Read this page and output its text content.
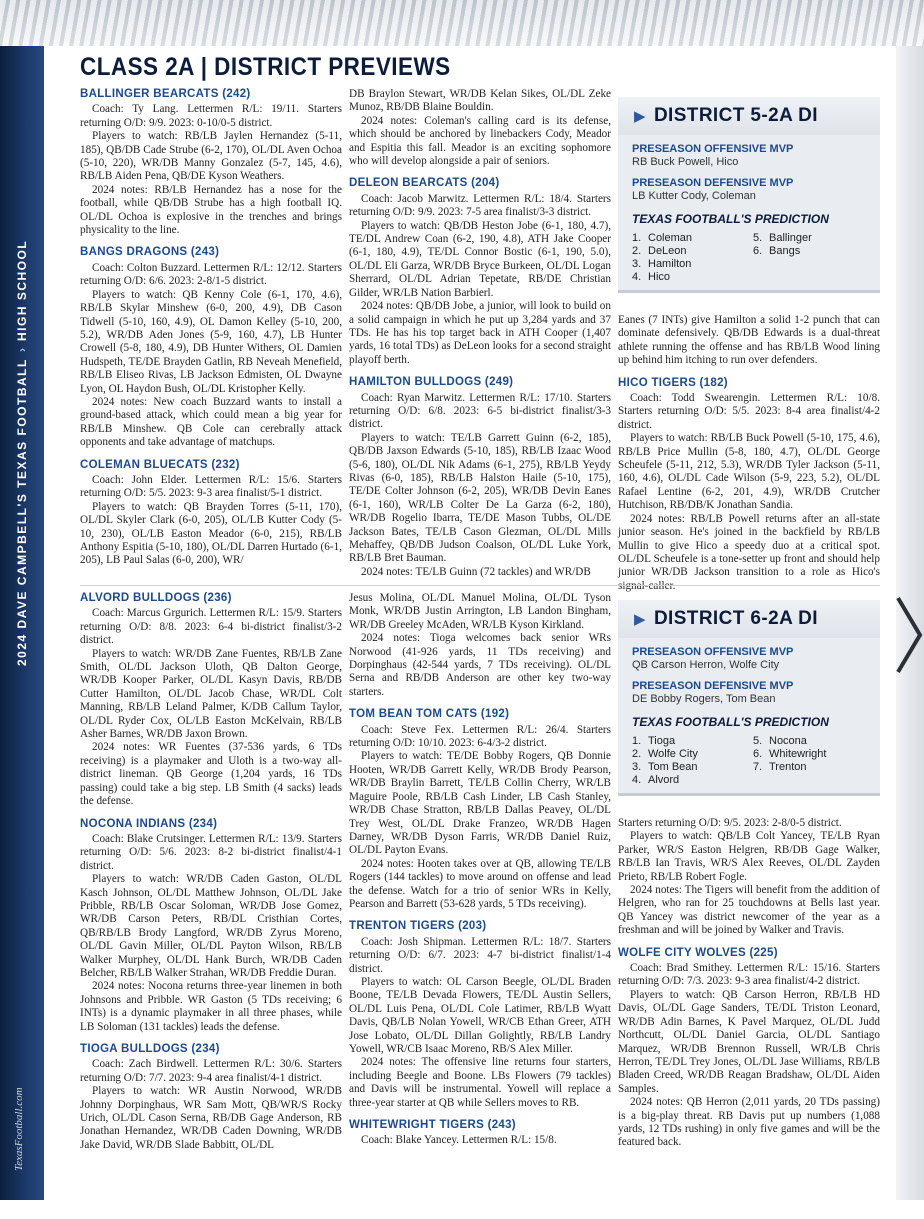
2024 DAVE CAMPBELL'S TEXAS FOOTBALL
›
HIGH SCHOOL
TexasFootball.com
336
CLASS 2A | DISTRICT PREVIEWS
BALLINGER BEARCATS (242)

Coach: Ty Lang. Lettermen R/L: 19/11. Starters returning O/D: 9/9. 2023: 0-10/0-5 district.

Players to watch: RB/LB Jaylen Hernandez (5-11, 185), QB/DB Cade Strube (6-2, 170), OL/DL Aven Ochoa (5-10, 220), WR/DB Manny Gonzalez (5-7, 145, 4.6), RB/LB Aiden Pena, QB/DE Kyson Weathers.

2024 notes: RB/LB Hernandez has a nose for the football, while QB/DB Strube has a high football IQ. OL/DL Ochoa is explosive in the trenches and brings physicality to the line.

BANGS DRAGONS (243)

Coach: Colton Buzzard. Lettermen R/L: 12/12. Starters returning O/D: 6/6. 2023: 2-8/1-5 district.

Players to watch: QB Kenny Cole (6-1, 170, 4.6), RB/LB Skylar Minshew (6-0, 200, 4.9), DB Cason Tidwell (5-10, 160, 4.9), OL Damon Kelley (5-10, 200, 5.2), WR/DB Aden Jones (5-9, 160, 4.7), LB Hunter Crowell (5-8, 180, 4.9), DB Hunter Withers, OL Damien Hudspeth, TE/DE Brayden Gatlin, RB Neveah Menefield, RB/LB Eliseo Rivas, LB Jackson Edmisten, OL Dwayne Lyon, OL Haydon Bush, OL/DL Kristopher Kelly.

2024 notes: New coach Buzzard wants to install a ground-based attack, which could mean a big year for RB/LB Minshew. QB Cole can cerebrally attack opponents and take advantage of matchups.

COLEMAN BLUECATS (232)

Coach: John Elder. Lettermen R/L: 15/6. Starters returning O/D: 5/5. 2023: 9-3 area finalist/5-1 district.

Players to watch: QB Brayden Torres (5-11, 170), OL/DL Skyler Clark (6-0, 205), OL/LB Kutter Cody (5-10, 230), OL/LB Easton Meador (6-0, 215), RB/LB Anthony Espitia (5-10, 180), OL/DL Darren Hurtado (6-1, 205), LB Paul Salas (6-0, 200), WR/

DB Braylon Stewart, WR/DB Kelan Sikes, OL/DL Zeke Munoz, RB/DB Blaine Bouldin.

2024 notes: Coleman's calling card is its defense, which should be anchored by linebackers Cody, Meador and Espitia this fall. Meador is an exciting sophomore who will develop alongside a pair of seniors.

DELEON BEARCATS (204)

Coach: Jacob Marwitz. Lettermen R/L: 18/4. Starters returning O/D: 9/9. 2023: 7-5 area finalist/3-3 district.

Players to watch: QB/DB Heston Jobe (6-1, 180, 4.7), TE/DL Andrew Coan (6-2, 190, 4.8), ATH Jake Cooper (6-1, 180, 4.9), TE/DL Connor Bostic (6-1, 190, 5.0), OL/DL Eli Garza, WR/DB Bryce Burkeen, OL/DL Logan Sherrard, OL/DL Adrian Tepetate, RB/DE Christian Gilder, WR/LB Nation Barbierl.

2024 notes: QB/DB Jobe, a junior, will look to build on a solid campaign in which he put up 3,284 yards and 37 TDs. He has his top target back in ATH Cooper (1,407 yards, 16 total TDs) as DeLeon looks for a second straight playoff berth.

HAMILTON BULLDOGS (249)

Coach: Ryan Marwitz. Lettermen R/L: 17/10. Starters returning O/D: 6/8. 2023: 6-5 bi-district finalist/3-3 district.

Players to watch: TE/LB Garrett Guinn (6-2, 185), QB/DB Jaxson Edwards (5-10, 185), RB/LB Izaac Wood (5-6, 180), OL/DL Nik Adams (6-1, 275), RB/LB Yeydy Rivas (6-0, 185), RB/LB Halston Haile (5-10, 175), TE/DE Colter Johnson (6-2, 205), WR/DB Devin Eanes (6-1, 160), WR/LB Colter De La Garza (6-2, 180), WR/DB Rogelio Ibarra, TE/DE Mason Tubbs, OL/DE Jackson Bates, TE/LB Cason Glezman, OL/DL Mills Mehaffey, QB/DB Judson Coalson, OL/DL Luke York, RB/LB Bret Bauman.

2024 notes: TE/LB Guinn (72 tackles) and WR/DB

Eanes (7 INTs) give Hamilton a solid 1-2 punch that can dominate defensively. QB/DB Edwards is a dual-threat athlete running the offense and has RB/LB Wood lining up behind him itching to run over defenders.

HICO TIGERS (182)

Coach: Todd Swearengin. Lettermen R/L: 10/8. Starters returning O/D: 5/5. 2023: 8-4 area finalist/4-2 district.

Players to watch: RB/LB Buck Powell (5-10, 175, 4.6), RB/LB Price Mullin (5-8, 180, 4.7), OL/DL George Scheufele (5-11, 212, 5.3), WR/DB Tyler Jackson (5-11, 160, 4.6), OL/DL Cade Wilson (5-9, 223, 5.2), OL/DL Rafael Lentine (6-2, 201, 4.9), WR/DB Crutcher Hutchison, RB/DB/K Jonathan Sandia.

2024 notes: RB/LB Powell returns after an all-state junior season. He's joined in the backfield by RB/LB Mullin to give Hico a speedy duo at a critical spot. OL/DL Scheufele is a tone-setter up front and should help junior WR/DB Jackson transition to a role as Hico's

▶ DISTRICT 5-2A DI
PRESEASON OFFENSIVE MVP
RB Buck Powell, Hico
PRESEASON DEFENSIVE MVP
LB Kutter Cody, Coleman
TEXAS FOOTBALL'S PREDICTION
1. Coleman
2. DeLeon
3. Hamilton
4. Hico
5. Ballinger
6. Bangs
▶ DISTRICT 6-2A DI
PRESEASON OFFENSIVE MVP
QB Carson Herron, Wolfe City
PRESEASON DEFENSIVE MVP
DE Bobby Rogers, Tom Bean
TEXAS FOOTBALL'S PREDICTION
1. Tioga
2. Wolfe City
3. Tom Bean
4. Alvord
5. Nocona
6. Whitewright
7. Trenton
ALVORD BULLDOGS (236)

Coach: Marcus Grgurich. Lettermen R/L: 15/9. Starters returning O/D: 8/8. 2023: 6-4 bi-district finalist/3-2 district.

Players to watch: WR/DB Zane Fuentes, RB/LB Zane Smith, OL/DL Jackson Uloth, QB Dalton George, WR/DB Kooper Parker, OL/DL Kasyn Davis, RB/DB Cutter Hamilton, OL/DL Jacob Chase, WR/DL Colt Manning, RB/LB Leland Palmer, K/DB Callum Taylor, OL/DL Ryder Cox, OL/LB Easton McKelvain, RB/LB Asher Barnes, WR/DB Jaxon Brown.

2024 notes: WR Fuentes (37-536 yards, 6 TDs receiving) is a playmaker and Uloth is a two-way all-district lineman. QB George (1,204 yards, 16 TDs passing) could take a big step. LB Smith (4 sacks) leads the defense.

NOCONA INDIANS (234)

Coach: Blake Crutsinger. Lettermen R/L: 13/9. Starters returning O/D: 5/6. 2023: 8-2 bi-district finalist/4-1 district.

Players to watch: WR/DB Caden Gaston, OL/DL Kasch Johnson, OL/DL Matthew Johnson, OL/DL Jake Pribble, RB/LB Oscar Soloman, WR/DB Jose Gomez, WR/DB Carson Peters, RB/DL Cristhian Cortes, QB/RB/LB Brody Langford, WR/DB Zyrus Moreno, OL/DL Gavin Miller, OL/DL Payton Wilson, RB/LB Walker Murphey, OL/DL Hank Burch, WR/DB Caden Belcher, RB/LB Walker Strahan, WR/DB Freddie Duran.

2024 notes: Nocona returns three-year linemen in both Johnsons and Pribble. WR Gaston (5 TDs receiving; 6 INTs) is a dynamic playmaker in all three phases, while LB Soloman (131 tackles) leads the defense.

TIOGA BULLDOGS (234)

Coach: Zach Birdwell. Lettermen R/L: 30/6. Starters returning O/D: 7/7. 2023: 9-4 area finalist/4-1 district.

Players to watch: WR Austin Norwood, WR/DB Johnny Dorpinghaus, WR Sam Mott, QB/WR/S Rocky Urich, OL/DL Cason Serna, RB/DB Gage Anderson, RB Jonathan Hernandez, WR/DB Caden Downing, WR/DB Jake David, WR/DB Slade Babbitt, OL/DL

Jesus Molina, OL/DL Manuel Molina, OL/DL Tyson Monk, WR/DB Justin Arrington, LB Landon Bingham, WR/DB Greeley McAden, WR/LB Kyson Kirkland.

2024 notes: Tioga welcomes back senior WRs Norwood (41-926 yards, 11 TDs receiving) and Dorpinghaus (42-544 yards, 7 TDs receiving). OL/DL Serna and RB/DB Anderson are other key two-way starters.

TOM BEAN TOM CATS (192)

Coach: Steve Fex. Lettermen R/L: 26/4. Starters returning O/D: 10/10. 2023: 6-4/3-2 district.

Players to watch: TE/DE Bobby Rogers, QB Donnie Hooten, WR/DB Garrett Kelly, WR/DB Brody Pearson, WR/DB Braylin Barrett, TE/LB Collin Cherry, WR/LB Maguire Poole, RB/LB Cash Linder, LB Cash Stanley, WR/DB Chase Stratton, RB/LB Dallas Peavey, OL/DL Trey West, OL/DL Drake Franzeo, WR/DB Hagen Darney, WR/DB Dyson Farris, WR/DB Daniel Ruiz, OL/DL Payton Evans.

2024 notes: Hooten takes over at QB, allowing TE/LB Rogers (144 tackles) to move around on offense and lead the defense. Watch for a trio of senior WRs in Kelly, Pearson and Barrett (53-628 yards, 5 TDs receiving).

TRENTON TIGERS (203)

Coach: Josh Shipman. Lettermen R/L: 18/7. Starters returning O/D: 6/7. 2023: 4-7 bi-district finalist/1-4 district.

Players to watch: OL Carson Beegle, OL/DL Braden Boone, TE/LB Devada Flowers, TE/DL Austin Sellers, OL/DL Luis Pena, OL/DL Cole Latimer, RB/LB Wyatt Davis, QB/LB Nolan Yowell, WR/CB Ethan Greer, ATH Jose Lobato, OL/DL Dillan Golightly, RB/LB Landry Yowell, WR/CB Isaac Moreno, RB/S Alex Miller.

2024 notes: The offensive line returns four starters, including Beegle and Boone. LBs Flowers (79 tackles) and Davis will be instrumental. Yowell will replace a three-year starter at QB while Sellers moves to RB.

WHITEWRIGHT TIGERS (243)

Coach: Blake Yancey. Lettermen R/L: 15/8.

Starters returning O/D: 9/5. 2023: 2-8/0-5 district.

Players to watch: QB/LB Colt Yancey, TE/LB Ryan Parker, WR/S Easton Helgren, RB/DB Gage Walker, RB/LB Ian Travis, WR/S Alex Reeves, OL/DL Zayden Prieto, RB/LB Robert Fogle.

2024 notes: The Tigers will benefit from the addition of Helgren, who ran for 25 touchdowns at Bells last year. QB Yancey was district newcomer of the year as a freshman and will be joined by Walker and Travis.

WOLFE CITY WOLVES (225)

Coach: Brad Smithey. Lettermen R/L: 15/16. Starters returning O/D: 7/3. 2023: 9-3 area finalist/4-2 district.

Players to watch: QB Carson Herron, RB/LB HD Davis, OL/DL Gage Sanders, TE/DL Triston Leonard, WR/DB Adin Barnes, K Pavel Marquez, OL/DL Judd Northcutt, OL/DL Daniel Garcia, OL/DL Santiago Marquez, WR/DB Brennon Russell, WR/LB Chris Herron, TE/DL Trey Jones, OL/DL Jase Williams, RB/LB Bladen Creed, WR/DB Reagan Bradshaw, OL/DL Aiden Samples.

2024 notes: QB Herron (2,011 yards, 20 TDs passing) is a big-play threat. RB Davis put up numbers (1,088 yards, 12 TDs rushing) in only five games and will be the featured back.
